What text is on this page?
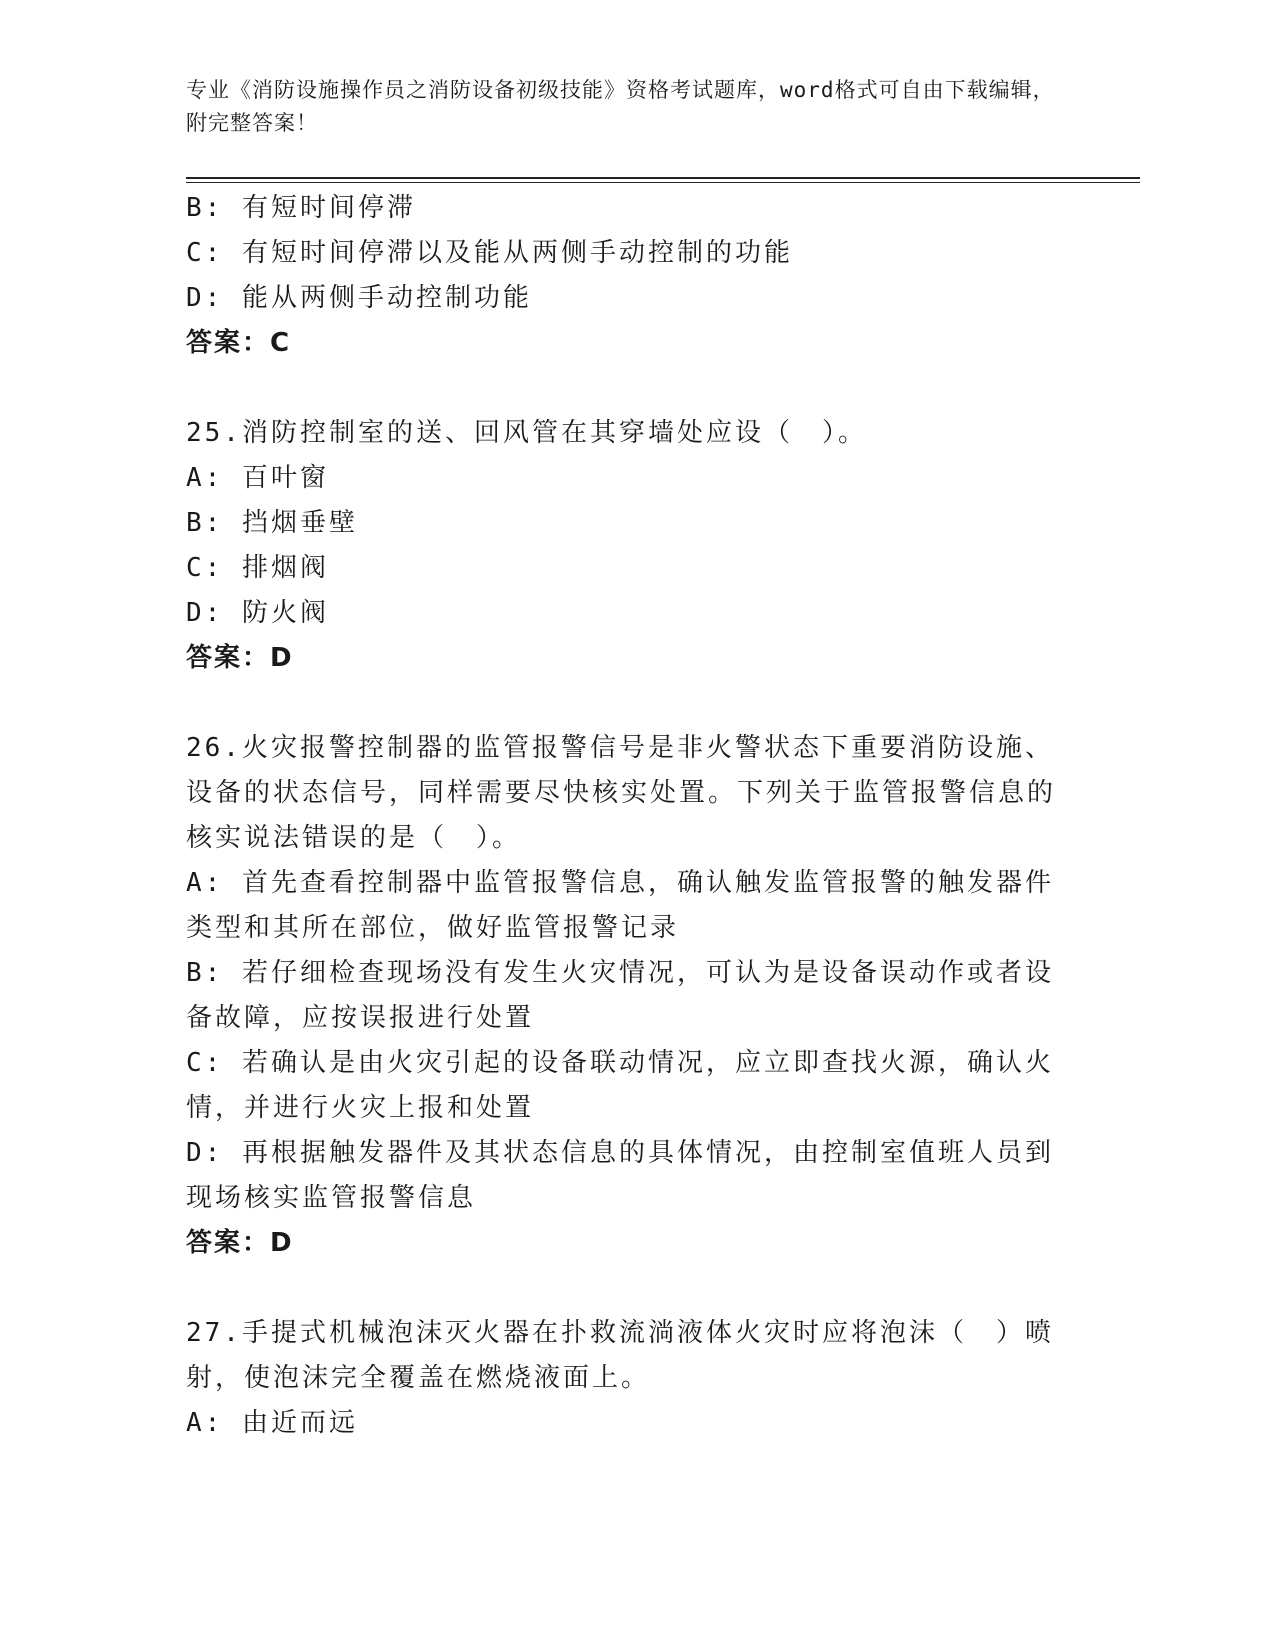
专业《消防设施操作员之消防设备初级技能》资格考试题库，word格式可自由下载编辑，附完整答案！
B: 有短时间停滞
C: 有短时间停滞以及能从两侧手动控制的功能
D: 能从两侧手动控制功能
答案：C
25.消防控制室的送、回风管在其穿墙处应设（　）。
A: 百叶窗
B: 挡烟垂壁
C: 排烟阀
D: 防火阀
答案：D
26.火灾报警控制器的监管报警信号是非火警状态下重要消防设施、设备的状态信号，同样需要尽快核实处置。下列关于监管报警信息的核实说法错误的是（　）。
A: 首先查看控制器中监管报警信息，确认触发监管报警的触发器件类型和其所在部位，做好监管报警记录
B: 若仔细检查现场没有发生火灾情况，可认为是设备误动作或者设备故障，应按误报进行处置
C: 若确认是由火灾引起的设备联动情况，应立即查找火源，确认火情，并进行火灾上报和处置
D: 再根据触发器件及其状态信息的具体情况，由控制室值班人员到现场核实监管报警信息
答案：D
27.手提式机械泡沫灭火器在扑救流淌液体火灾时应将泡沫（　）喷射，使泡沫完全覆盖在燃烧液面上。
A: 由近而远
